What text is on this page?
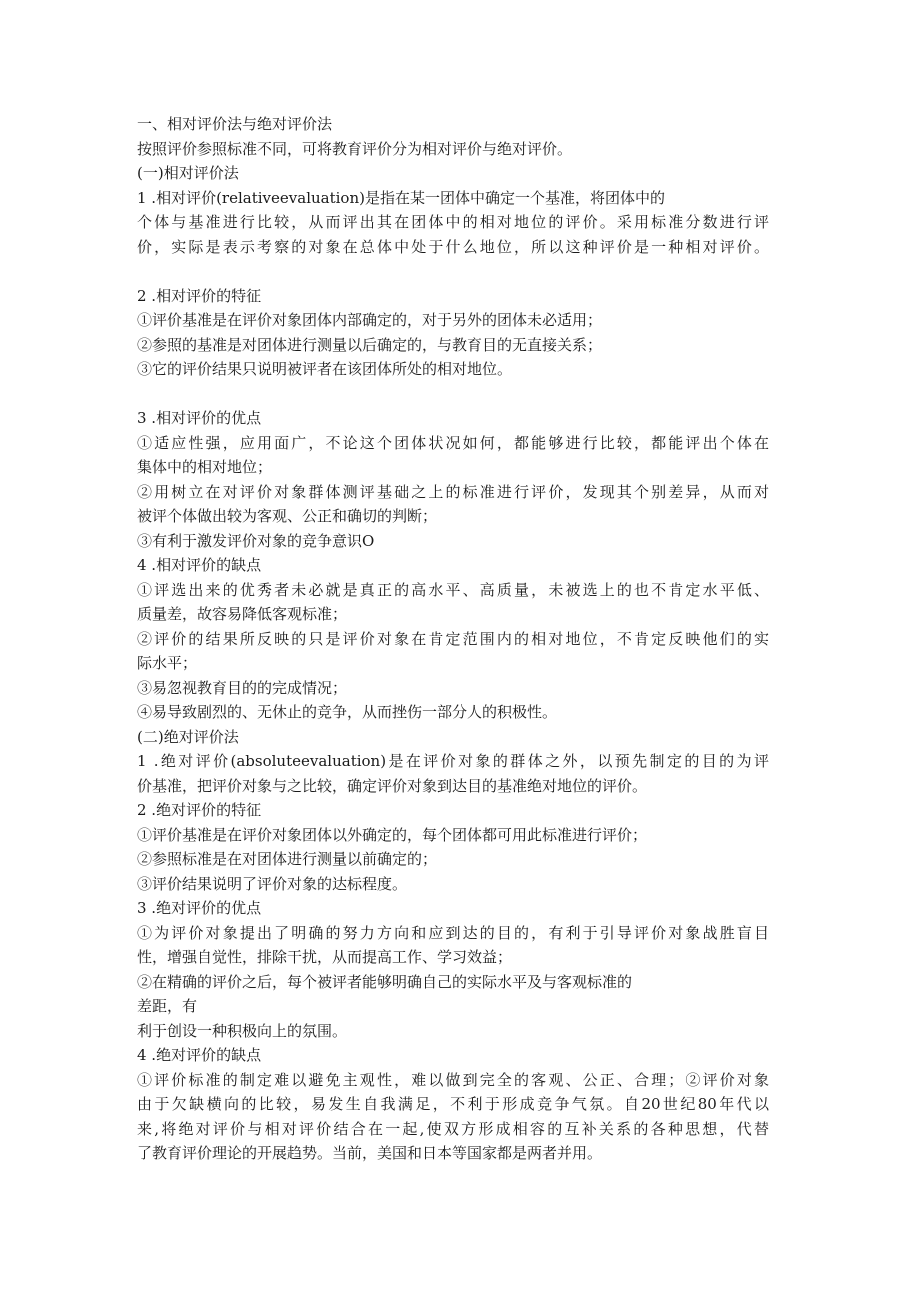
一、相对评价法与绝对评价法
按照评价参照标准不同，可将教育评价分为相对评价与绝对评价。
(一)相对评价法
1 .相对评价(relativeevaluation)是指在某一团体中确定一个基准，将团体中的
个体与基准进行比较，从而评出其在团体中的相对地位的评价。采用标准分数进行评
价，实际是表示考察的对象在总体中处于什么地位，所以这种评价是一种相对评价。
2 .相对评价的特征
①评价基准是在评价对象团体内部确定的，对于另外的团体未必适用；
②参照的基准是对团体进行测量以后确定的，与教育目的无直接关系；
③它的评价结果只说明被评者在该团体所处的相对地位。
3 .相对评价的优点
①适应性强，应用面广，不论这个团体状况如何，都能够进行比较，都能评出个体在
集体中的相对地位；
②用树立在对评价对象群体测评基础之上的标准进行评价，发现其个别差异，从而对
被评个体做出较为客观、公正和确切的判断；
③有利于激发评价对象的竞争意识O
4 .相对评价的缺点
①评选出来的优秀者未必就是真正的高水平、高质量，未被选上的也不肯定水平低、
质量差，故容易降低客观标准；
②评价的结果所反映的只是评价对象在肯定范围内的相对地位，不肯定反映他们的实
际水平；
③易忽视教育目的的完成情况；
④易导致剧烈的、无休止的竞争，从而挫伤一部分人的积极性。
(二)绝对评价法
1 .绝对评价(absoluteevaluation)是在评价对象的群体之外，以预先制定的目的为评
价基准，把评价对象与之比较，确定评价对象到达目的基准绝对地位的评价。
2 .绝对评价的特征
①评价基准是在评价对象团体以外确定的，每个团体都可用此标准进行评价；
②参照标准是在对团体进行测量以前确定的；
③评价结果说明了评价对象的达标程度。
3 .绝对评价的优点
①为评价对象提出了明确的努力方向和应到达的目的，有利于引导评价对象战胜盲目
性，增强自觉性，排除干扰，从而提高工作、学习效益；
②在精确的评价之后，每个被评者能够明确自己的实际水平及与客观标准的
差距，有
利于创设一种积极向上的氛围。
4 .绝对评价的缺点
①评价标准的制定难以避免主观性，难以做到完全的客观、公正、合理；②评价对象
由于欠缺横向的比较，易发生自我满足，不利于形成竞争气氛。自20世纪80年代以
来,将绝对评价与相对评价结合在一起,使双方形成相容的互补关系的各种思想，代替
了教育评价理论的开展趋势。当前，美国和日本等国家都是两者并用。
